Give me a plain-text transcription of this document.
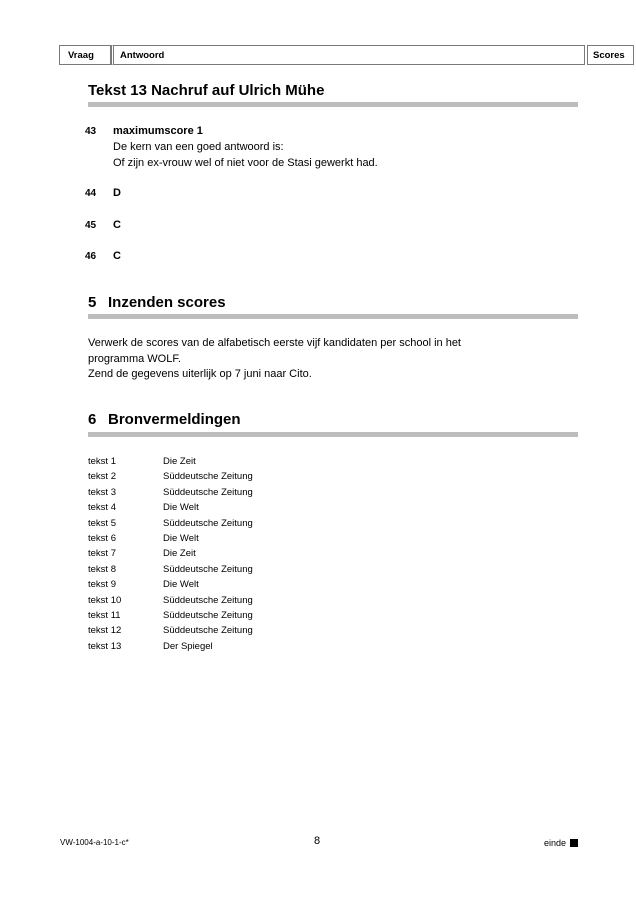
Vraag	Antwoord	Scores
Tekst 13 Nachruf auf Ulrich Mühe
43 maximumscore 1
De kern van een goed antwoord is:
Of zijn ex-vrouw wel of niet voor de Stasi gewerkt had.
44 D
45 C
46 C
5 Inzenden scores
Verwerk de scores van de alfabetisch eerste vijf kandidaten per school in het
programma WOLF.
Zend de gegevens uiterlijk op 7 juni naar Cito.
6 Bronvermeldingen
tekst 1	Die Zeit
tekst 2	Süddeutsche Zeitung
tekst 3	Süddeutsche Zeitung
tekst 4	Die Welt
tekst 5	Süddeutsche Zeitung
tekst 6	Die Welt
tekst 7	Die Zeit
tekst 8	Süddeutsche Zeitung
tekst 9	Die Welt
tekst 10	Süddeutsche Zeitung
tekst 11	Süddeutsche Zeitung
tekst 12	Süddeutsche Zeitung
tekst 13	Der Spiegel
VW-1004-a-10-1-c*	8	einde
